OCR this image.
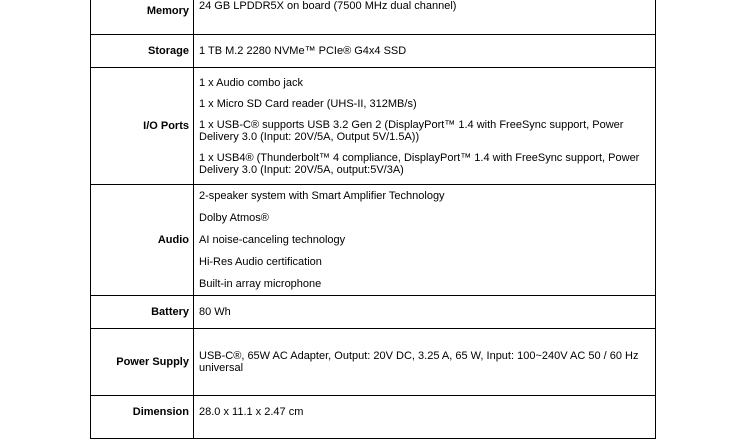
Memory	24 GB LPDDR5X on board (7500 MHz dual channel)

Storage	1 TB M.2 2280 NVMe™ PCIe® G4x4 SSD

I/O Ports	1 x Audio combo jack
1 x Micro SD Card reader (UHS-II, 312MB/s)
1 x USB-C® supports USB 3.2 Gen 2 (DisplayPort™ 1.4 with FreeSync support, Power Delivery 3.0 (Input: 20V/5A, Output 5V/1.5A))
1 x USB4® (Thunderbolt™ 4 compliance, DisplayPort™ 1.4 with FreeSync support, Power Delivery 3.0 (Input: 20V/5A, output:5V/3A)

Audio	2-speaker system with Smart Amplifier Technology
Dolby Atmos®
AI noise-canceling technology
Hi-Res Audio certification
Built-in array microphone

Battery	80 Wh

Power Supply	USB-C®, 65W AC Adapter, Output: 20V DC, 3.25 A, 65 W, Input: 100~240V AC 50 / 60 Hz universal

Dimension	28.0 x 11.1 x 2.47 cm
